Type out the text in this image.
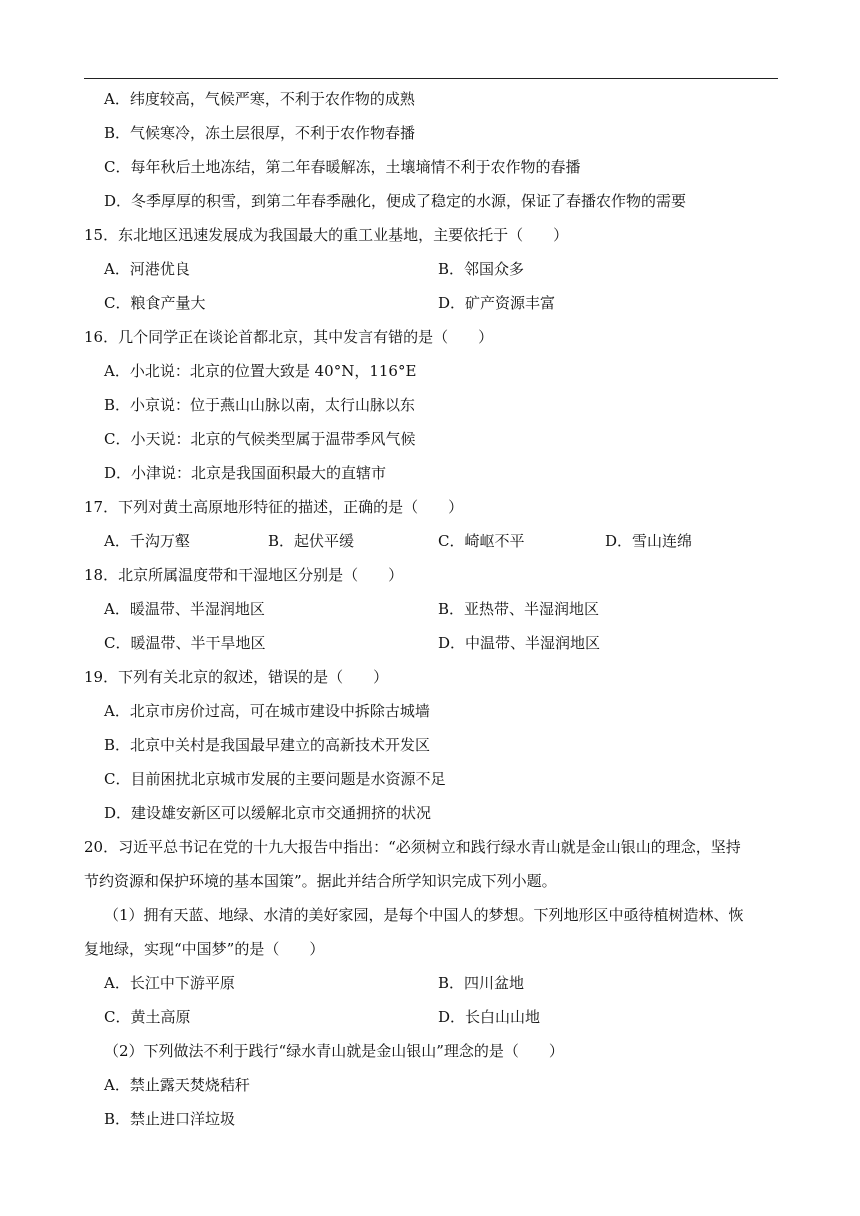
A．纬度较高，气候严寒，不利于农作物的成熟
B．气候寒冷，冻土层很厚，不利于农作物春播
C．每年秋后土地冻结，第二年春暖解冻，土壤墒情不利于农作物的春播
D．冬季厚厚的积雪，到第二年春季融化，便成了稳定的水源，保证了春播农作物的需要
15．东北地区迅速发展成为我国最大的重工业基地，主要依托于（　　）
A．河港优良	B．邻国众多
C．粮食产量大	D．矿产资源丰富
16．几个同学正在谈论首都北京，其中发言有错的是（　　）
A．小北说：北京的位置大致是 40°N，116°E
B．小京说：位于燕山山脉以南，太行山脉以东
C．小天说：北京的气候类型属于温带季风气候
D．小津说：北京是我国面积最大的直辖市
17．下列对黄土高原地形特征的描述，正确的是（　　）
A．千沟万壑	B．起伏平缓	C．崎岖不平	D．雪山连绵
18．北京所属温度带和干湿地区分别是（　　）
A．暖温带、半湿润地区	B．亚热带、半湿润地区
C．暖温带、半干旱地区	D．中温带、半湿润地区
19．下列有关北京的叙述，错误的是（　　）
A．北京市房价过高，可在城市建设中拆除古城墙
B．北京中关村是我国最早建立的高新技术开发区
C．目前困扰北京城市发展的主要问题是水资源不足
D．建设雄安新区可以缓解北京市交通拥挤的状况
20．习近平总书记在党的十九大报告中指出：“必须树立和践行绿水青山就是金山银山的理念，坚持
节约资源和保护环境的基本国策”。据此并结合所学知识完成下列小题。
（1）拥有天蓝、地绿、水清的美好家园，是每个中国人的梦想。下列地形区中亟待植树造林、恢
复地绿，实现“中国梦”的是（　　）
A．长江中下游平原	B．四川盆地
C．黄土高原	D．长白山山地
（2）下列做法不利于践行“绿水青山就是金山银山”理念的是（　　）
A．禁止露天焚烧秸秆
B．禁止进口洋垃圾
